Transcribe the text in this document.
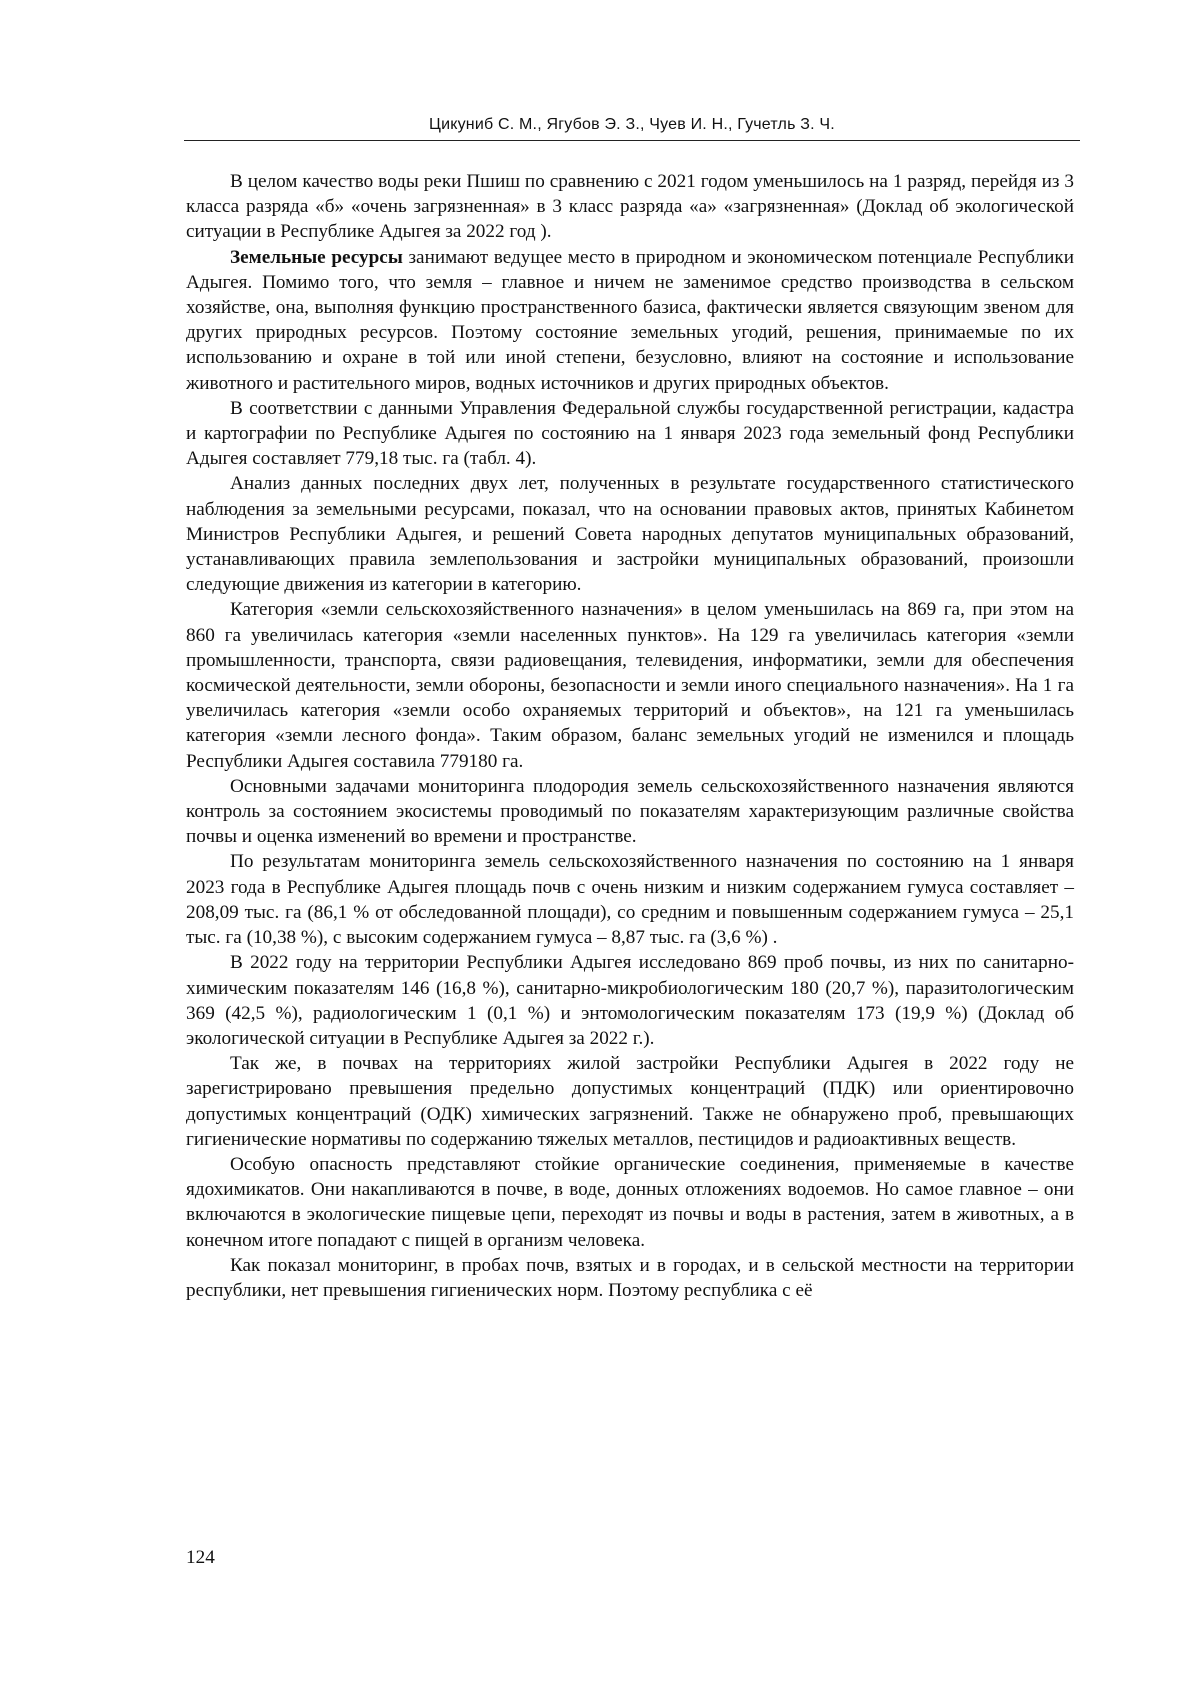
Цикуниб С. М., Ягубов Э. З., Чуев И. Н., Гучетль З. Ч.

В целом качество воды реки Пшиш по сравнению с 2021 годом уменьшилось на 1 разряд, перейдя из 3 класса разряда «б» «очень загрязненная» в 3 класс разряда «а» «загрязненная» (Доклад об экологической ситуации в Республике Адыгея за 2022 год ).

Земельные ресурсы занимают ведущее место в природном и экономическом потенциале Республики Адыгея. Помимо того, что земля – главное и ничем не заменимое средство производства в сельском хозяйстве, она, выполняя функцию пространственного базиса, фактически является связующим звеном для других природных ресурсов. Поэтому состояние земельных угодий, решения, принимаемые по их использованию и охране в той или иной степени, безусловно, влияют на состояние и использование животного и растительного миров, водных источников и других природных объектов.

В соответствии с данными Управления Федеральной службы государственной регистрации, кадастра и картографии по Республике Адыгея по состоянию на 1 января 2023 года земельный фонд Республики Адыгея составляет 779,18 тыс. га (табл. 4).

Анализ данных последних двух лет, полученных в результате государственного статистического наблюдения за земельными ресурсами, показал, что на основании правовых актов, принятых Кабинетом Министров Республики Адыгея, и решений Совета народных депутатов муниципальных образований, устанавливающих правила землепользования и застройки муниципальных образований, произошли следующие движения из категории в категорию.

Категория «земли сельскохозяйственного назначения» в целом уменьшилась на 869 га, при этом на 860 га увеличилась категория «земли населенных пунктов». На 129 га увеличилась категория «земли промышленности, транспорта, связи радиовещания, телевидения, информатики, земли для обеспечения космической деятельности, земли обороны, безопасности и земли иного специального назначения». На 1 га увеличилась категория «земли особо охраняемых территорий и объектов», на 121 га уменьшилась категория «земли лесного фонда». Таким образом, баланс земельных угодий не изменился и площадь Республики Адыгея составила 779180 га.

Основными задачами мониторинга плодородия земель сельскохозяйственного назначения являются контроль за состоянием экосистемы проводимый по показателям характеризующим различные свойства почвы и оценка изменений во времени и пространстве.

По результатам мониторинга земель сельскохозяйственного назначения по состоянию на 1 января 2023 года в Республике Адыгея площадь почв с очень низким и низким содержанием гумуса составляет – 208,09 тыс. га (86,1 % от обследованной площади), со средним и повышенным содержанием гумуса – 25,1 тыс. га (10,38 %), с высоким содержанием гумуса – 8,87 тыс. га (3,6 %) .

В 2022 году на территории Республики Адыгея исследовано 869 проб почвы, из них по санитарно-химическим показателям 146 (16,8 %), санитарно-микробиологическим 180 (20,7 %), паразитологическим 369 (42,5 %), радиологическим 1 (0,1 %) и энтомологическим показателям 173 (19,9 %) (Доклад об экологической ситуации в Республике Адыгея за 2022 г.).

Так же, в почвах на территориях жилой застройки Республики Адыгея в 2022 году не зарегистрировано превышения предельно допустимых концентраций (ПДК) или ориентировочно допустимых концентраций (ОДК) химических загрязнений. Также не обнаружено проб, превышающих гигиенические нормативы по содержанию тяжелых металлов, пестицидов и радиоактивных веществ.

Особую опасность представляют стойкие органические соединения, применяемые в качестве ядохимикатов. Они накапливаются в почве, в воде, донных отложениях водоемов. Но самое главное – они включаются в экологические пищевые цепи, переходят из почвы и воды в растения, затем в животных, а в конечном итоге попадают с пищей в организм человека.

Как показал мониторинг, в пробах почв, взятых и в городах, и в сельской местности на территории республики, нет превышения гигиенических норм. Поэтому республика с её

124
